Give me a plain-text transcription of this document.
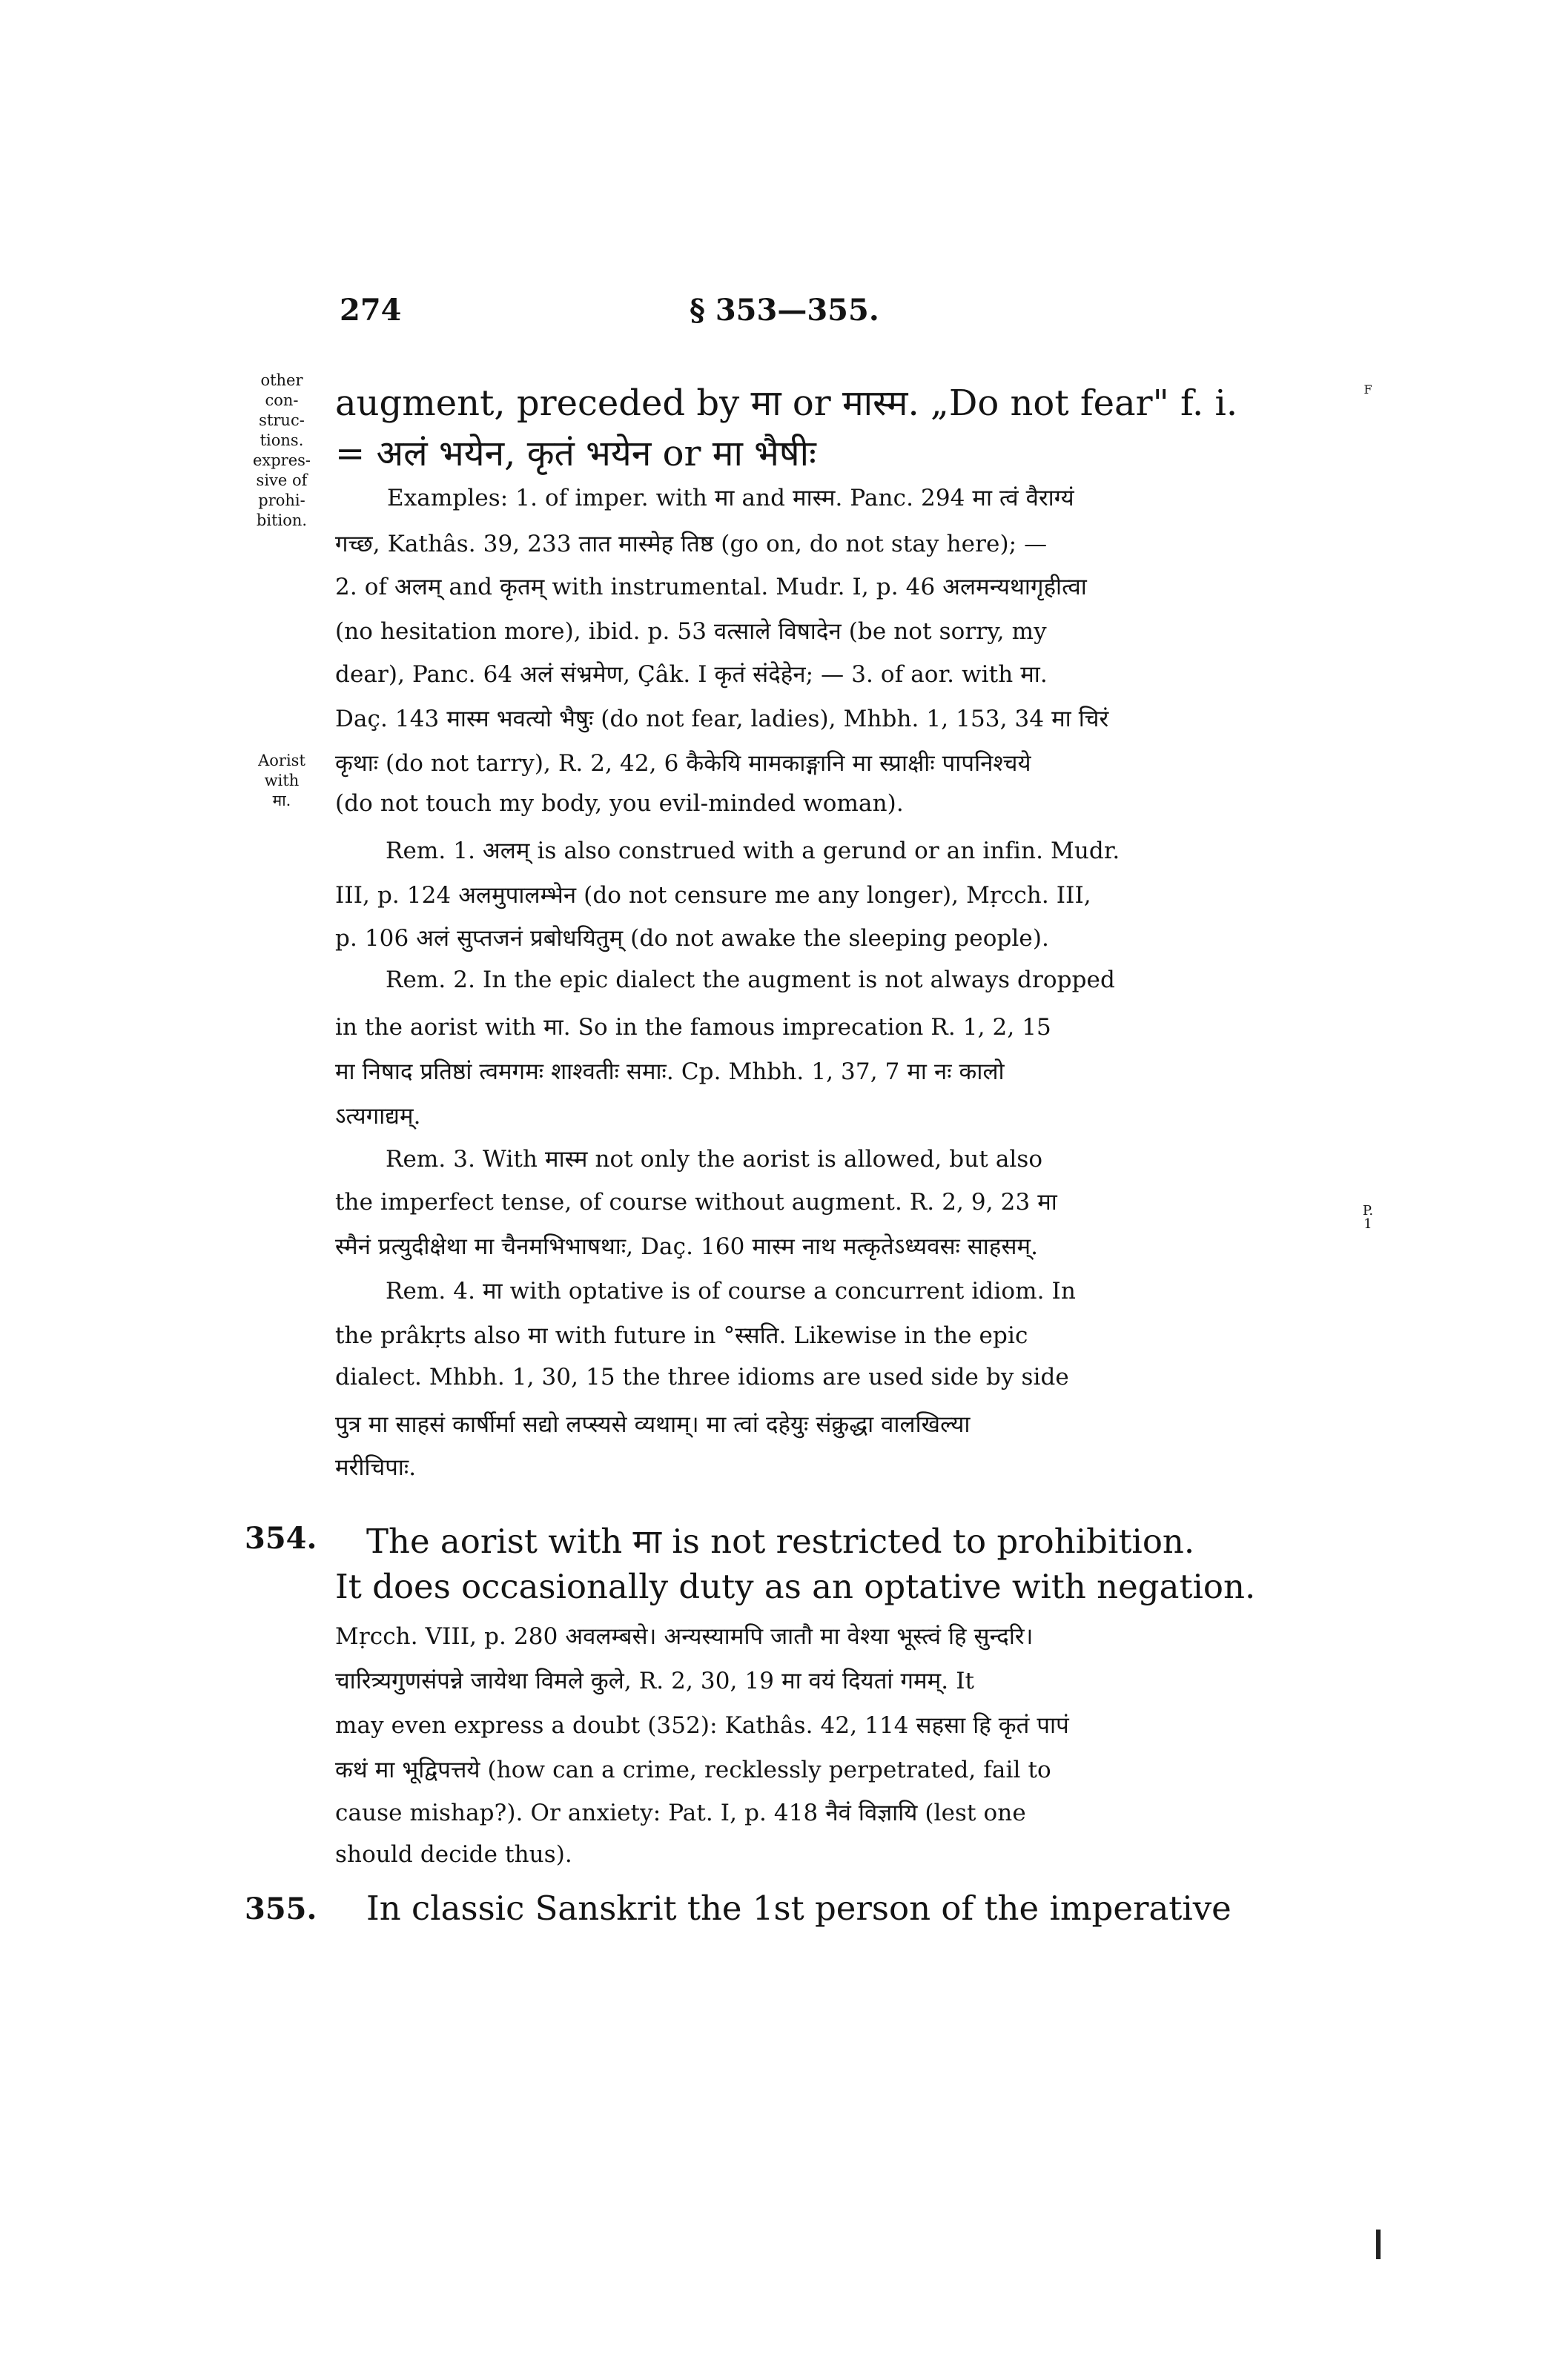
274	§ 353—355.
other
con-
struc-
tions.
expres-
sive of
prohi-
bition.
Aorist
with
मा.
P.
1
F
augment, preceded by मा or मास्म. „Do not fear" f. i.
= अलं भयेन, कृतं भयेन or मा भैषीः
Examples: 1. of imper. with मा and मास्म. Panc. 294 मा त्वं वैराग्यं
गच्छ, Kathâs. 39, 233 तात मास्मेह तिष्ठ (go on, do not stay here); —
2. of अलम् and कृतम् with instrumental. Mudr. I, p. 46 अलमन्यथागृहीत्वा
(no hesitation more), ibid. p. 53 वत्साले विषादेन (be not sorry, my
dear), Panc. 64 अलं संभ्रमेण, Çâk. I कृतं संदेहेन; — 3. of aor. with मा.
Daç. 143 मास्म भवत्यो भैषुः (do not fear, ladies), Mhbh. 1, 153, 34 मा चिरं
कृथाः (do not tarry), R. 2, 42, 6 कैकेयि मामकाङ्गानि मा स्प्राक्षीः पापनिश्चये
(do not touch my body, you evil-minded woman).
Rem. 1. अलम् is also construed with a gerund or an infin. Mudr.
III, p. 124 अलमुपालम्भेन (do not censure me any longer), Mṛcch. III,
p. 106 अलं सुप्तजनं प्रबोधयितुम् (do not awake the sleeping people).
Rem. 2. In the epic dialect the augment is not always dropped
in the aorist with मा. So in the famous imprecation R. 1, 2, 15
मा निषाद प्रतिष्ठां त्वमगमः शाश्वतीः समाः. Cp. Mhbh. 1, 37, 7 मा नः कालो
ऽत्यगाद्यम्.
Rem. 3. With मास्म not only the aorist is allowed, but also
the imperfect tense, of course without augment. R. 2, 9, 23 मा
स्मैनं प्रत्युदीक्षेथा मा चैनमभिभाषथाः, Daç. 160 मास्म नाथ मत्कृतेऽध्यवसः साहसम्.
Rem. 4. मा with optative is of course a concurrent idiom. In
the prâkṛts also मा with future in °स्सति. Likewise in the epic
dialect. Mhbh. 1, 30, 15 the three idioms are used side by side
पुत्र मा साहसं कार्षीर्मा सद्यो लप्स्यसे व्यथाम्। मा त्वां दहेयुः संक्रुद्धा वालखिल्या
मरीचिपाः.
354. The aorist with मा is not restricted to prohibition.
It does occasionally duty as an optative with negation.
Mṛcch. VIII, p. 280 अवलम्बसे। अन्यस्यामपि जातौ मा वेश्या भूस्त्वं हि सुन्दरि।
चारित्र्यगुणसंपन्ने जायेथा विमले कुले, R. 2, 30, 19 मा वयं दियतां गमम्. It
may even express a doubt (352): Kathâs. 42, 114 सहसा हि कृतं पापं
कथं मा भूद्विपत्तये (how can a crime, recklessly perpetrated, fail to
cause mishap?). Or anxiety: Pat. I, p. 418 नैवं विज्ञायि (lest one
should decide thus).
355. In classic Sanskrit the 1st person of the imperative
